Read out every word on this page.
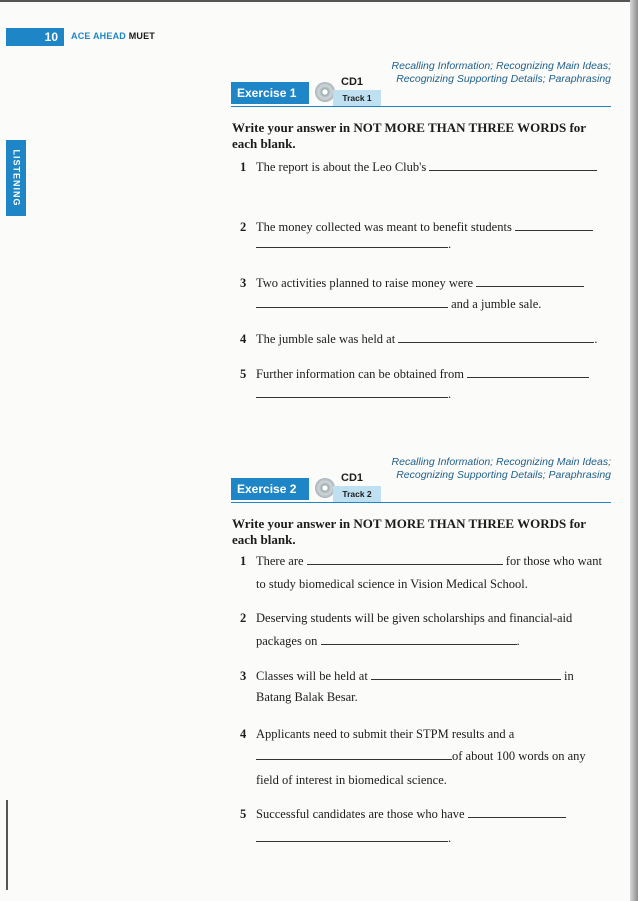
10	ACE AHEAD MUET
LISTENING
Exercise 1
CD1
Track 1
Recalling Information; Recognizing Main Ideas; Recognizing Supporting Details; Paraphrasing
Write your answer in NOT MORE THAN THREE WORDS for each blank.
1 The report is about the Leo Club's
2 The money collected was meant to benefit students
.
3 Two activities planned to raise money were
and a jumble sale.
4 The jumble sale was held at	.
5 Further information can be obtained from
.
Exercise 2
CD1
Track 2
Recalling Information; Recognizing Main Ideas; Recognizing Supporting Details; Paraphrasing
Write your answer in NOT MORE THAN THREE WORDS for each blank.
1 There are	for those who want
to study biomedical science in Vision Medical School.
2 Deserving students will be given scholarships and financial-aid
packages on	.
3 Classes will be held at	in
Batang Balak Besar.
4 Applicants need to submit their STPM results and a
of about 100 words on any
field of interest in biomedical science.
5 Successful candidates are those who have
.
